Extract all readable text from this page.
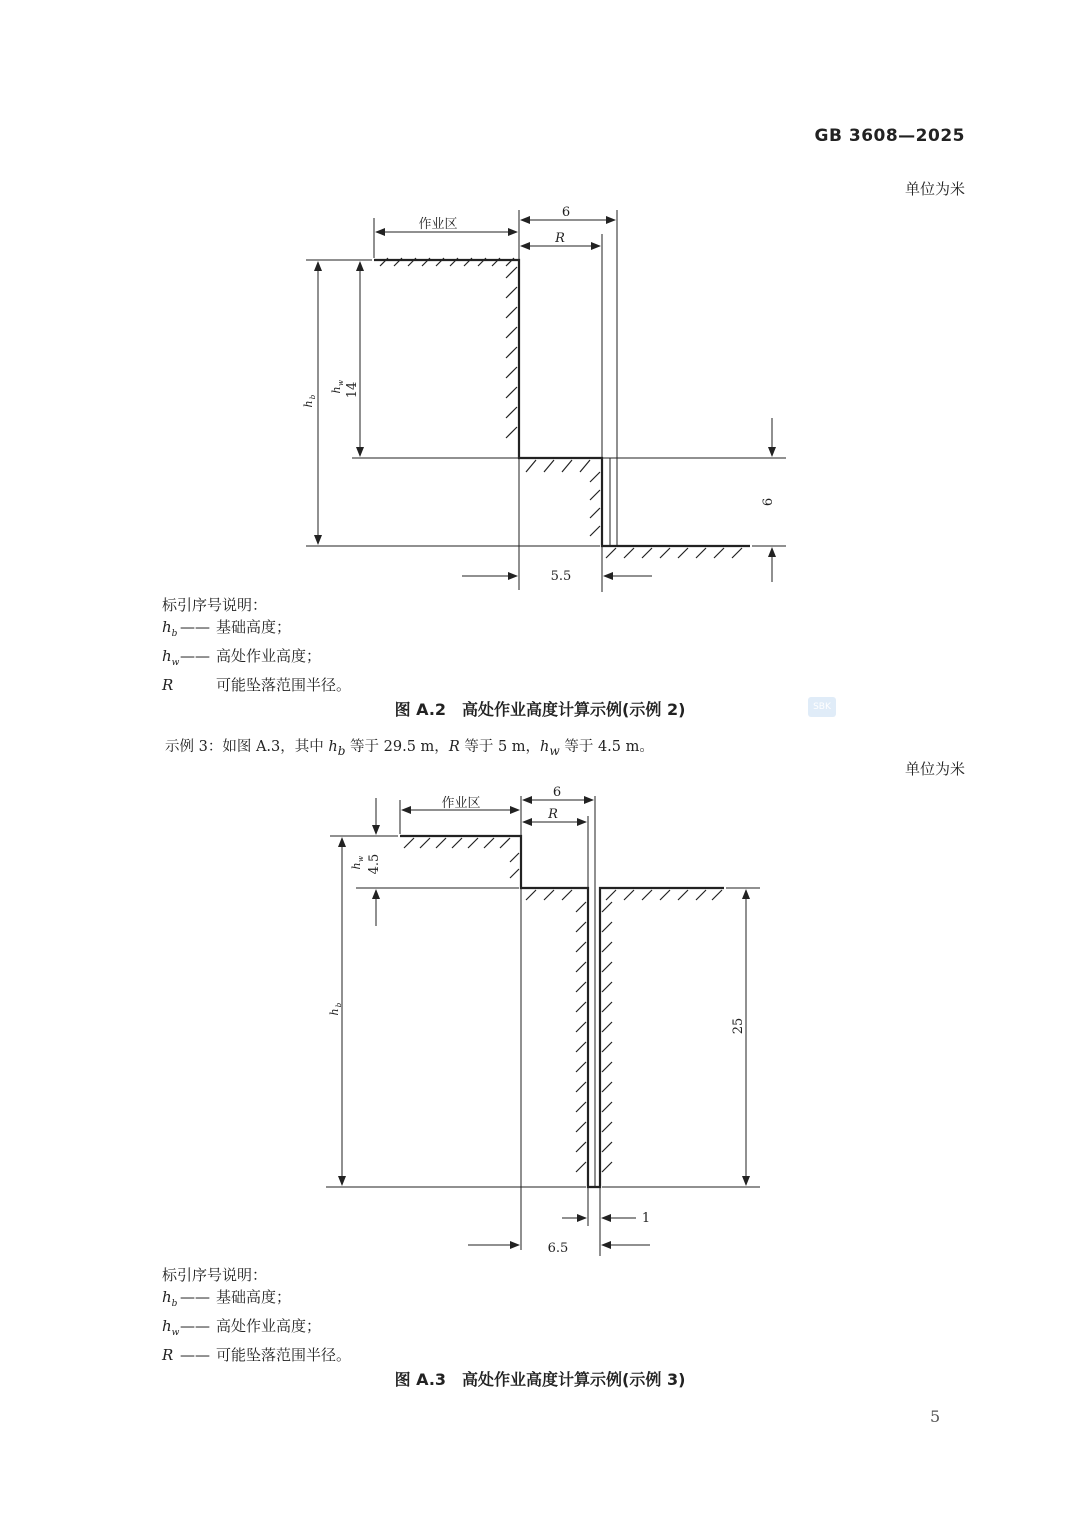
GB 3608—2025
单位为米
作业区
6
R
h
b
h
w 14
6
5.5
标引序号说明：
$h_b$ —— 基础高度；
$h_w——$ 高处作业高度；
R	可能坠落范围半径。
图 A.2　高处作业高度计算示例(示例 2)	SBK
示例 3：如图 A.3，其中 $h_b$ 等于 29.5 m，R 等于 5 m，$h_w$ 等于 4.5 m。
单位为米
作业区
6
R
h
w 4.5
h
b
25
1
6.5
标引序号说明：
$h_b$ —— 基础高度；
$h_w——$ 高处作业高度；
R —— 可能坠落范围半径。
图 A.3　高处作业高度计算示例(示例 3)
5
